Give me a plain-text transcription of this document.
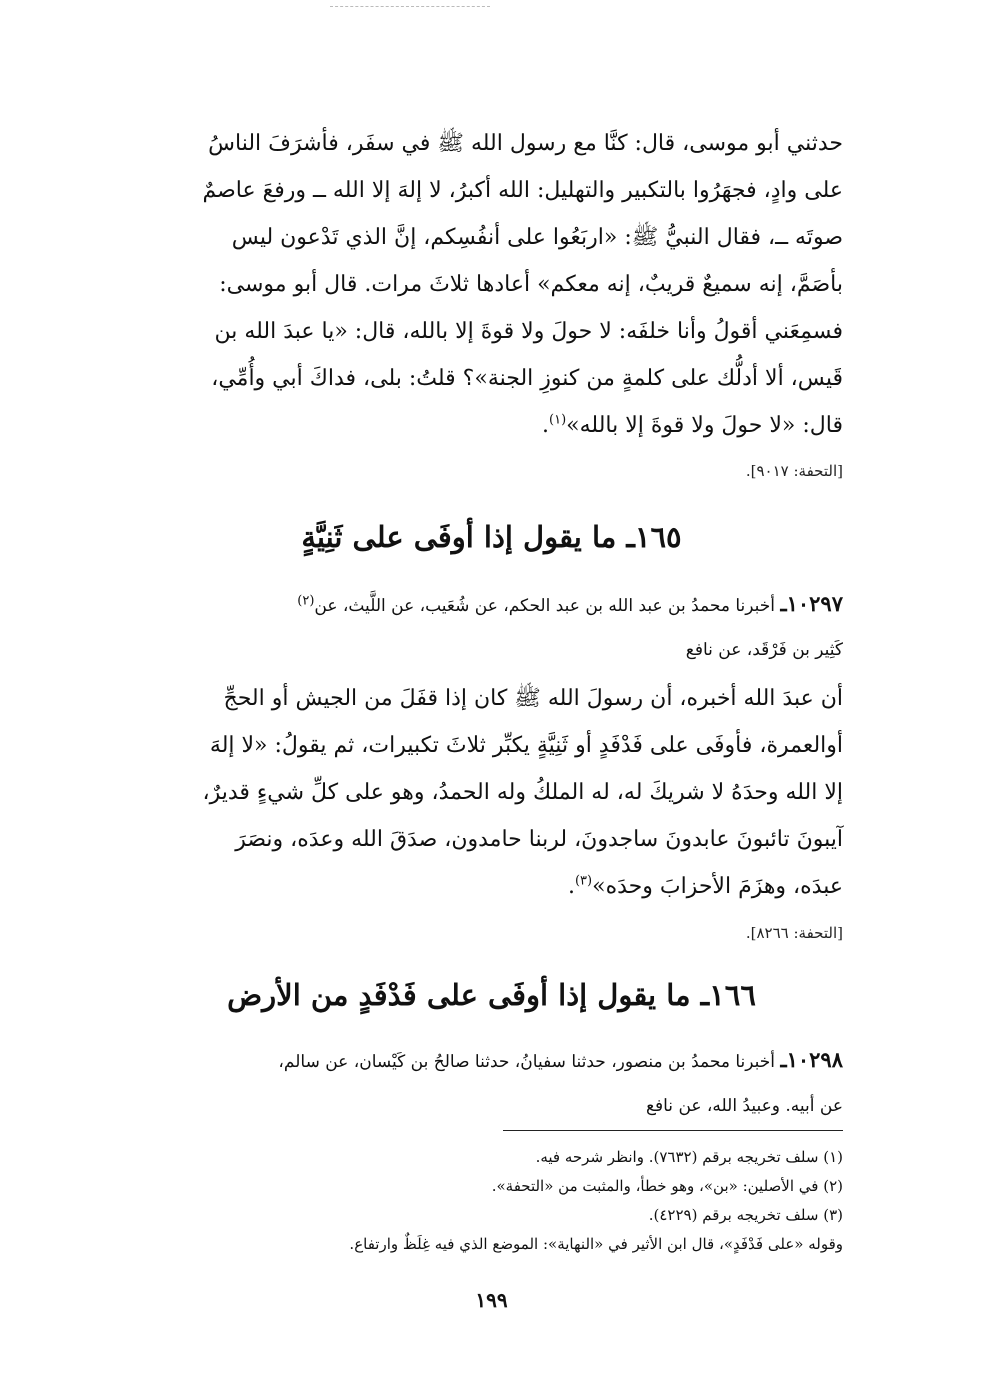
حدثني أبو موسى، قال: كنَّا مع رسول الله ﷺ في سفَر، فأشرَفَ الناسُ

على وادٍ، فجهَرُوا بالتكبير والتهليل: الله أكبرُ، لا إلهَ إلا الله ــ ورفعَ عاصمٌ

صوتَه ــ، فقال النبيُّ ﷺ: «اربَعُوا على أنفُسِكم، إنَّ الذي تَدْعون ليس

بأصَمَّ، إنه سميعٌ قريبٌ، إنه معكم» أعادها ثلاثَ مرات. قال أبو موسى:

فسمِعَني أقولُ وأنا خلفَه: لا حولَ ولا قوةَ إلا بالله، قال: «يا عبدَ الله بن

قَيس، ألا أدلُّك على كلمةٍ من كنوزِ الجنة»؟ قلتُ: بلى، فداكَ أبي وأُمِّي،

قال: «لا حولَ ولا قوةَ إلا بالله»$^{(١)}$.

[التحفة: ٩٠١٧].
١٦٥ـ ما يقول إذا أوفَى على ثَنِيَّةٍ

١٠٢٩٧ـ أخبرنا محمدُ بن عبد الله بن عبد الحكم، عن شُعَيب، عن اللَّيث، عن$^{(٢)}$

كَثِير بن فَرْقَد، عن نافع

أن عبدَ الله أخبره، أن رسولَ الله ﷺ كان إذا قفَلَ من الجيش أو الحجِّ

أوالعمرة، فأوفَى على فَدْفَدٍ أو ثَنِيَّةٍ يكبِّر ثلاثَ تكبيرات، ثم يقولُ: «لا إلهَ

إلا الله وحدَهُ لا شريكَ له، له الملكُ وله الحمدُ، وهو على كلِّ شيءٍ قديرٌ،

آيبونَ تائبونَ عابدونَ ساجدونَ، لربنا حامدون، صدَقَ الله وعدَه، ونصَرَ

عبدَه، وهزَمَ الأحزابَ وحدَه»$^{(٣)}$.

[التحفة: ٨٢٦٦].
١٦٦ـ ما يقول إذا أوفَى على فَدْفَدٍ من الأرض

١٠٢٩٨ـ أخبرنا محمدُ بن منصور، حدثنا سفيانُ، حدثنا صالحُ بن كَيْسان، عن سالم،

عن أبيه. وعبيدُ الله، عن نافع

(١) سلف تخريجه برقم (٧٦٣٢). وانظر شرحه فيه.

(٢) في الأصلين: «بن»، وهو خطأ، والمثبت من «التحفة».

(٣) سلف تخريجه برقم (٤٢٢٩).

وقوله «على فَدْفَدٍ»، قال ابن الأثير في «النهاية»: الموضع الذي فيه غِلَظٌ وارتفاع.

١٩٩
